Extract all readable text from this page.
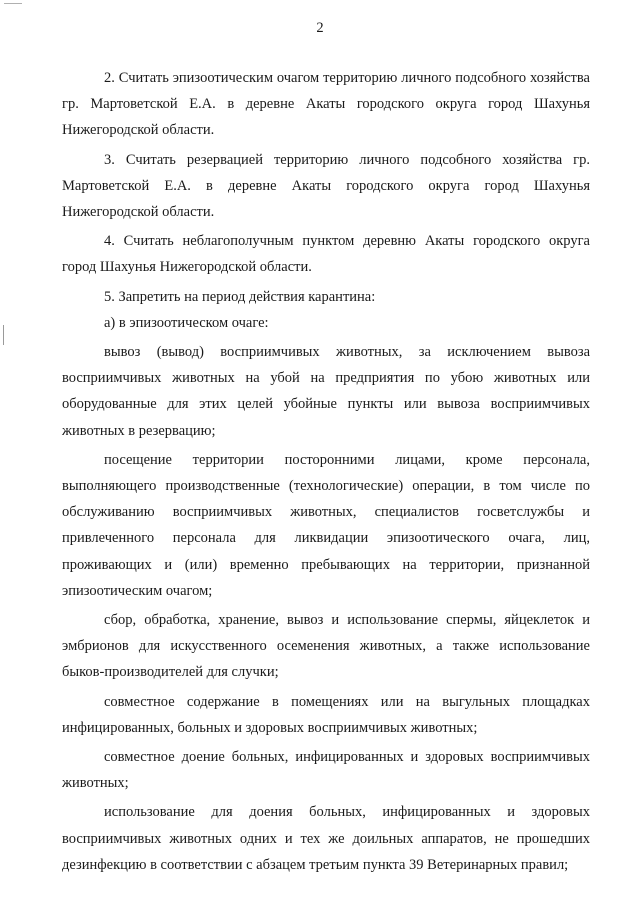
2

2. Считать эпизоотическим очагом территорию личного подсобного хозяйства гр. Мартоветской Е.А. в деревне Акаты городского округа город Шахунья Нижегородской области.

3. Считать резервацией территорию личного подсобного хозяйства гр. Мартоветской Е.А. в деревне Акаты городского округа город Шахунья Нижегородской области.

4. Считать неблагополучным пунктом деревню Акаты городского округа город Шахунья Нижегородской области.

5. Запретить на период действия карантина:

а) в эпизоотическом очаге:

вывоз (вывод) восприимчивых животных, за исключением вывоза восприимчивых животных на убой на предприятия по убою животных или оборудованные для этих целей убойные пункты или вывоза восприимчивых животных в резервацию;

посещение территории посторонними лицами, кроме персонала, выполняющего производственные (технологические) операции, в том числе по обслуживанию восприимчивых животных, специалистов госветслужбы и привлеченного персонала для ликвидации эпизоотического очага, лиц, проживающих и (или) временно пребывающих на территории, признанной эпизоотическим очагом;

сбор, обработка, хранение, вывоз и использование спермы, яйцеклеток и эмбрионов для искусственного осеменения животных, а также использование быков-производителей для случки;

совместное содержание в помещениях или на выгульных площадках инфицированных, больных и здоровых восприимчивых животных;

совместное доение больных, инфицированных и здоровых восприимчивых животных;

использование для доения больных, инфицированных и здоровых восприимчивых животных одних и тех же доильных аппаратов, не прошедших дезинфекцию в соответствии с абзацем третьим пункта 39 Ветеринарных правил;
